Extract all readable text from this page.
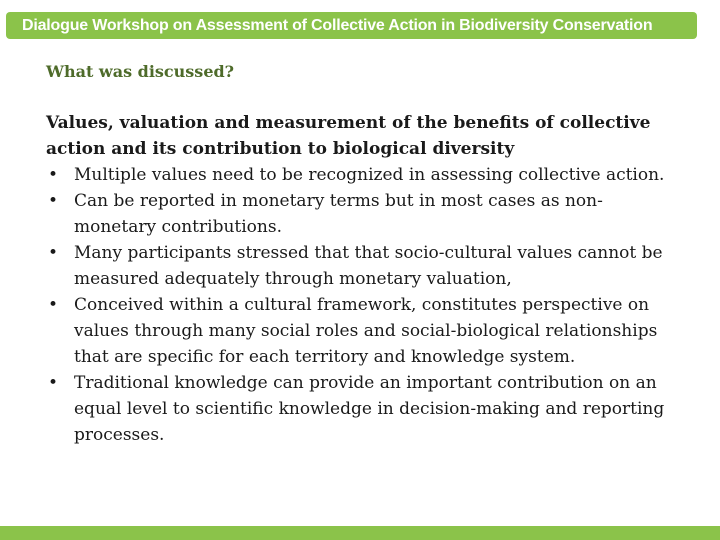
Dialogue Workshop on Assessment of Collective Action in Biodiversity Conservation
What was discussed?

Values, valuation and measurement of the benefits of collective action and its contribution to biological diversity

• Multiple values need to be recognized in assessing collective action.
• Can be reported in monetary terms but in most cases as non-monetary contributions.
• Many participants stressed that that socio-cultural values cannot be measured adequately through monetary valuation,
• Conceived within a cultural framework, constitutes perspective on values through many social roles and social-biological relationships that are specific for each territory and knowledge system.
• Traditional knowledge can provide an important contribution on an equal level to scientific knowledge in decision-making and reporting processes.
